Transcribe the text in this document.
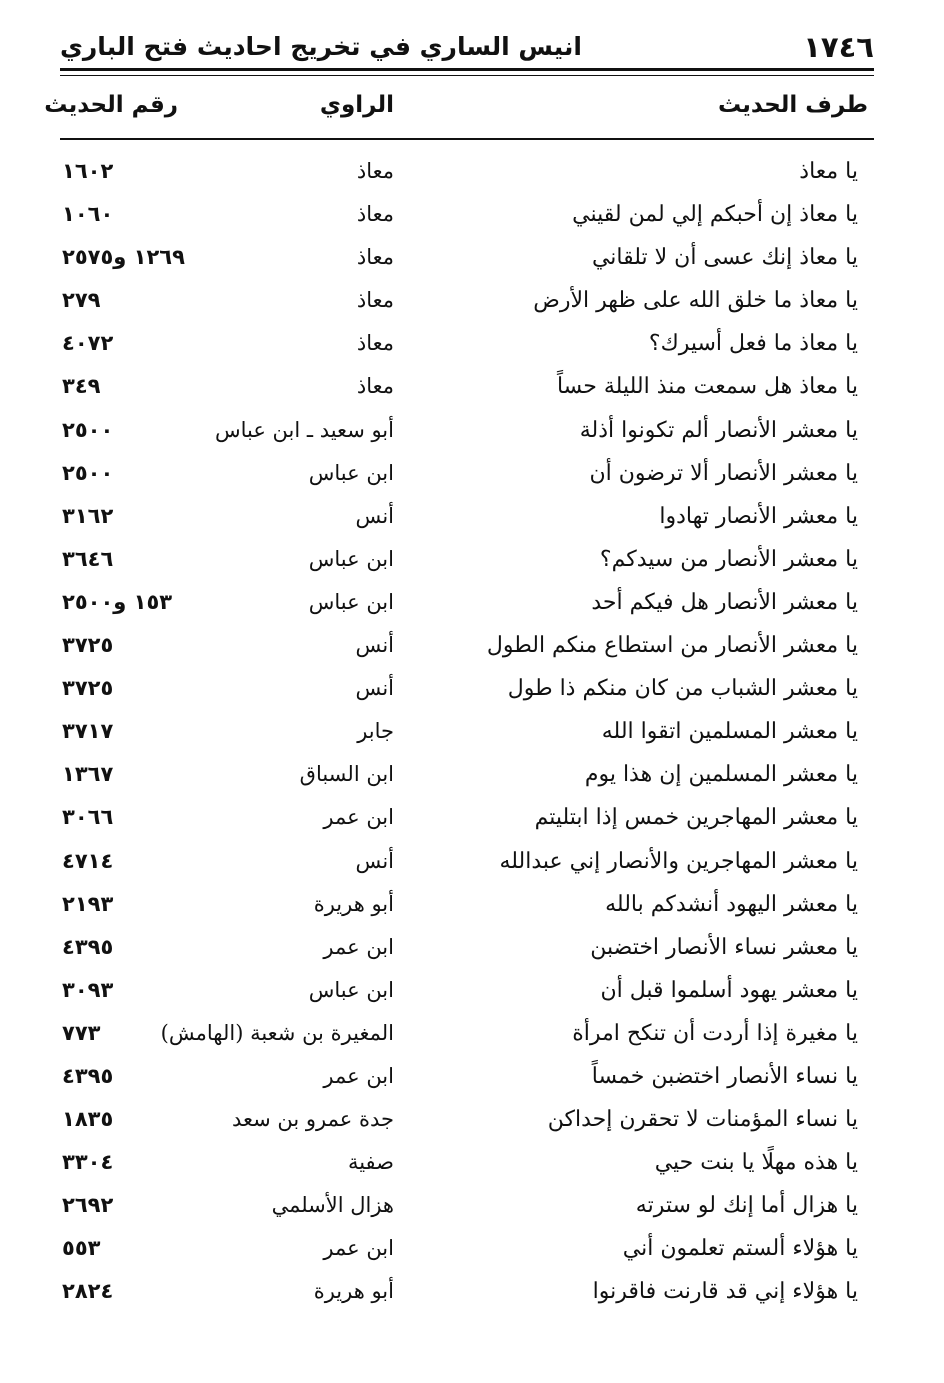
١٧٤٦
انيس الساري في تخريج احاديث فتح الباري
طرف الحديث
الراوي
رقم الحديث
يا معاذ
معاذ
١٦٠٢
يا معاذ إن أحبكم إلي لمن لقيني
معاذ
١٠٦٠
يا معاذ إنك عسى أن لا تلقاني
معاذ
١٢٦٩ و٢٥٧٥
يا معاذ ما خلق الله على ظهر الأرض
معاذ
٢٧٩
يا معاذ ما فعل أسيرك؟
معاذ
٤٠٧٢
يا معاذ هل سمعت منذ الليلة حساً
معاذ
٣٤٩
يا معشر الأنصار ألم تكونوا أذلة
أبو سعيد ـ ابن عباس
٢٥٠٠
يا معشر الأنصار ألا ترضون أن
ابن عباس
٢٥٠٠
يا معشر الأنصار تهادوا
أنس
٣١٦٢
يا معشر الأنصار من سيدكم؟
ابن عباس
٣٦٤٦
يا معشر الأنصار هل فيكم أحد
ابن عباس
١٥٣ و٢٥٠٠
يا معشر الأنصار من استطاع منكم الطول
أنس
٣٧٢٥
يا معشر الشباب من كان منكم ذا طول
أنس
٣٧٢٥
يا معشر المسلمين اتقوا الله
جابر
٣٧١٧
يا معشر المسلمين إن هذا يوم
ابن السباق
١٣٦٧
يا معشر المهاجرين خمس إذا ابتليتم
ابن عمر
٣٠٦٦
يا معشر المهاجرين والأنصار إني عبدالله
أنس
٤٧١٤
يا معشر اليهود أنشدكم بالله
أبو هريرة
٢١٩٣
يا معشر نساء الأنصار اختضبن
ابن عمر
٤٣٩٥
يا معشر يهود أسلموا قبل أن
ابن عباس
٣٠٩٣
يا مغيرة إذا أردت أن تنكح امرأة
المغيرة بن شعبة (الهامش)
٧٧٣
يا نساء الأنصار اختضبن خمساً
ابن عمر
٤٣٩٥
يا نساء المؤمنات لا تحقرن إحداكن
جدة عمرو بن سعد
١٨٣٥
يا هذه مهلًا يا بنت حيي
صفية
٣٣٠٤
يا هزال أما إنك لو سترته
هزال الأسلمي
٢٦٩٢
يا هؤلاء ألستم تعلمون أني
ابن عمر
٥٥٣
يا هؤلاء إني قد قارنت فاقرنوا
أبو هريرة
٢٨٢٤
